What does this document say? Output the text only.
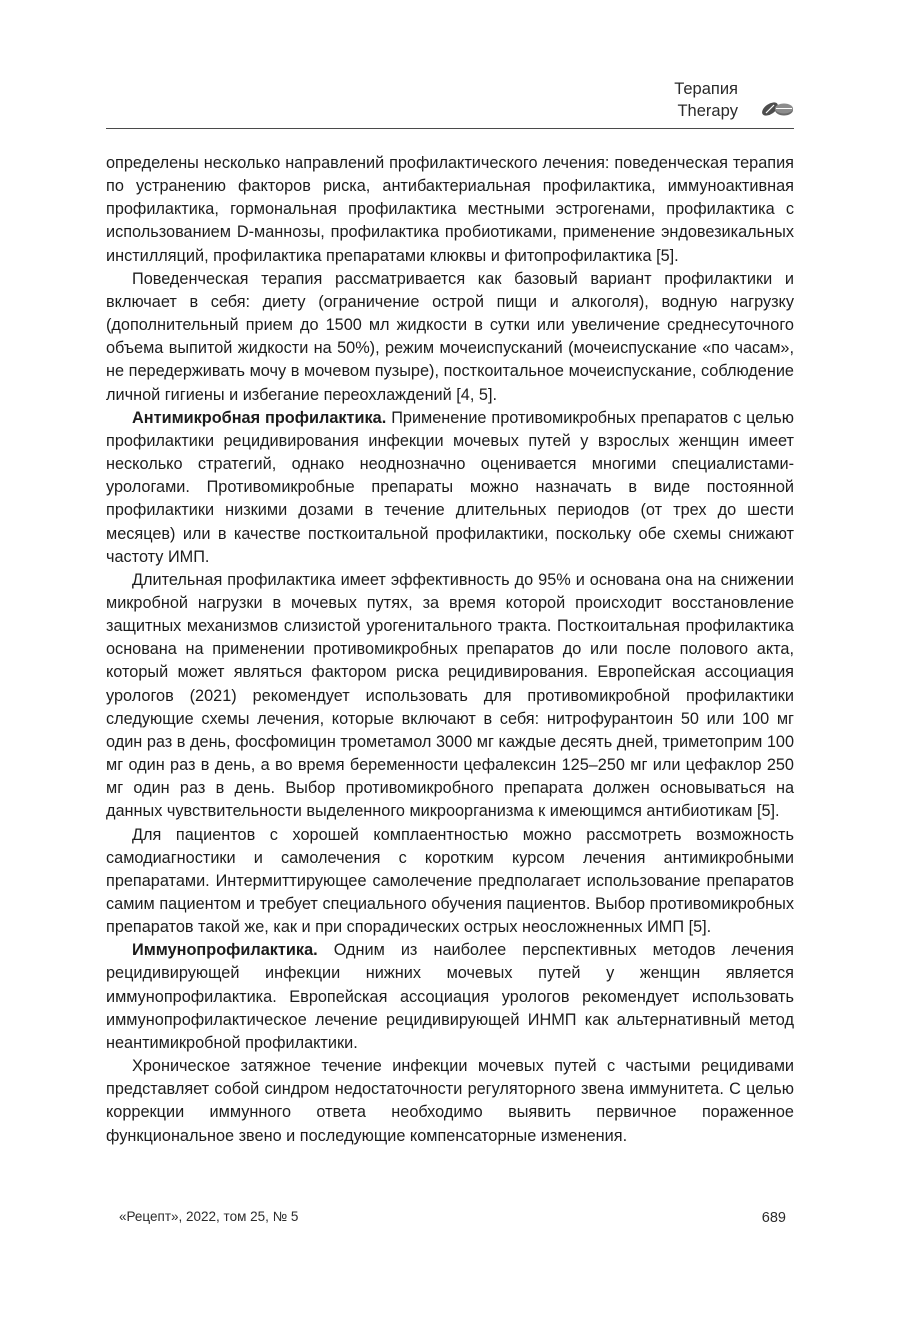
Терапия
Therapy

определены несколько направлений профилактического лечения: поведенческая терапия по устранению факторов риска, антибактериальная профилактика, иммуноактивная профилактика, гормональная профилактика местными эстрогенами, профилактика с использованием D-маннозы, профилактика пробиотиками, применение эндовезикальных инстилляций, профилактика препаратами клюквы и фитопрофилактика [5].

Поведенческая терапия рассматривается как базовый вариант профилактики и включает в себя: диету (ограничение острой пищи и алкоголя), водную нагрузку (дополнительный прием до 1500 мл жидкости в сутки или увеличение среднесуточного объема выпитой жидкости на 50%), режим мочеиспусканий (мочеиспускание «по часам», не передерживать мочу в мочевом пузыре), посткоитальное мочеиспускание, соблюдение личной гигиены и избегание переохлаждений [4, 5].

Антимикробная профилактика. Применение противомикробных препаратов с целью профилактики рецидивирования инфекции мочевых путей у взрослых женщин имеет несколько стратегий, однако неоднозначно оценивается многими специалистами-урологами. Противомикробные препараты можно назначать в виде постоянной профилактики низкими дозами в течение длительных периодов (от трех до шести месяцев) или в качестве посткоитальной профилактики, поскольку обе схемы снижают частоту ИМП.

Длительная профилактика имеет эффективность до 95% и основана она на снижении микробной нагрузки в мочевых путях, за время которой происходит восстановление защитных механизмов слизистой урогенитального тракта. Посткоитальная профилактика основана на применении противомикробных препаратов до или после полового акта, который может являться фактором риска рецидивирования. Европейская ассоциация урологов (2021) рекомендует использовать для противомикробной профилактики следующие схемы лечения, которые включают в себя: нитрофурантоин 50 или 100 мг один раз в день, фосфомицин трометамол 3000 мг каждые десять дней, триметоприм 100 мг один раз в день, а во время беременности цефалексин 125–250 мг или цефаклор 250 мг один раз в день. Выбор противомикробного препарата должен основываться на данных чувствительности выделенного микроорганизма к имеющимся антибиотикам [5].

Для пациентов с хорошей комплаентностью можно рассмотреть возможность самодиагностики и самолечения с коротким курсом лечения антимикробными препаратами. Интермиттирующее самолечение предполагает использование препаратов самим пациентом и требует специального обучения пациентов. Выбор противомикробных препаратов такой же, как и при спорадических острых неосложненных ИМП [5].

Иммунопрофилактика. Одним из наиболее перспективных методов лечения рецидивирующей инфекции нижних мочевых путей у женщин является иммунопрофилактика. Европейская ассоциация урологов рекомендует использовать иммунопрофилактическое лечение рецидивирующей ИНМП как альтернативный метод неантимикробной профилактики.

Хроническое затяжное течение инфекции мочевых путей с частыми рецидивами представляет собой синдром недостаточности регуляторного звена иммунитета. С целью коррекции иммунного ответа необходимо выявить первичное пораженное функциональное звено и последующие компенсаторные изменения.

«Рецепт», 2022, том 25, № 5	689
